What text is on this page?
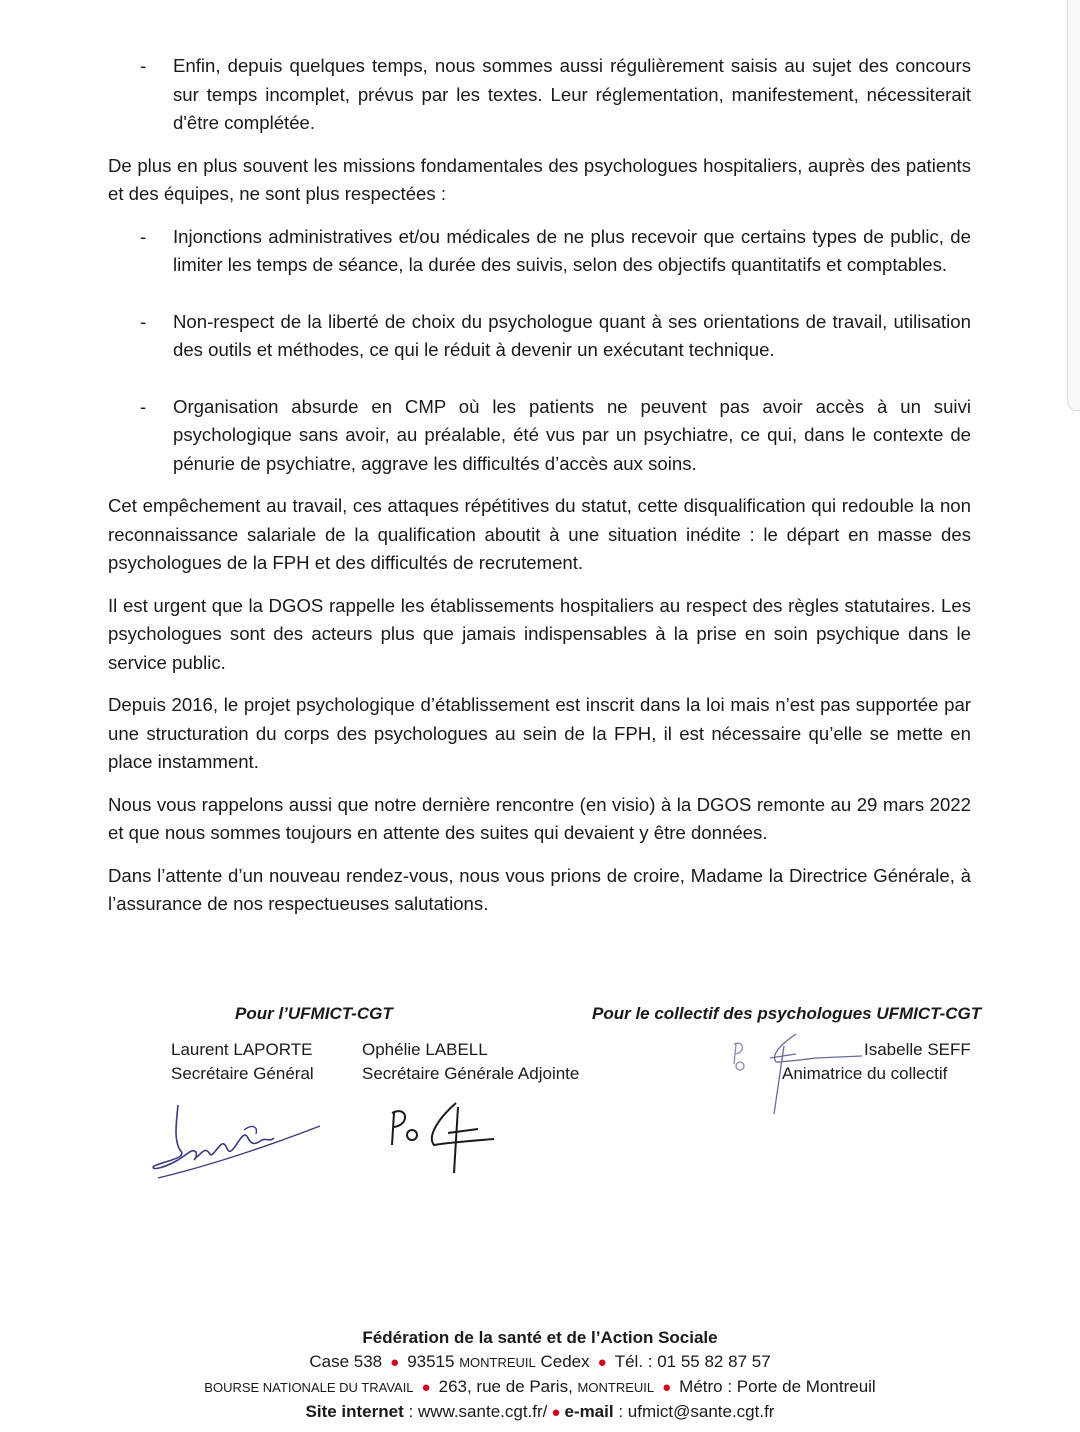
- Enfin, depuis quelques temps, nous sommes aussi régulièrement saisis au sujet des concours sur temps incomplet, prévus par les textes. Leur réglementation, manifestement, nécessiterait d'être complétée.

De plus en plus souvent les missions fondamentales des psychologues hospitaliers, auprès des patients et des équipes, ne sont plus respectées :

- Injonctions administratives et/ou médicales de ne plus recevoir que certains types de public, de limiter les temps de séance, la durée des suivis, selon des objectifs quantitatifs et comptables.
- Non-respect de la liberté de choix du psychologue quant à ses orientations de travail, utilisation des outils et méthodes, ce qui le réduit à devenir un exécutant technique.
- Organisation absurde en CMP où les patients ne peuvent pas avoir accès à un suivi psychologique sans avoir, au préalable, été vus par un psychiatre, ce qui, dans le contexte de pénurie de psychiatre, aggrave les difficultés d’accès aux soins.

Cet empêchement au travail, ces attaques répétitives du statut, cette disqualification qui redouble la non reconnaissance salariale de la qualification aboutit à une situation inédite : le départ en masse des psychologues de la FPH et des difficultés de recrutement.

Il est urgent que la DGOS rappelle les établissements hospitaliers au respect des règles statutaires. Les psychologues sont des acteurs plus que jamais indispensables à la prise en soin psychique dans le service public.

Depuis 2016, le projet psychologique d’établissement est inscrit dans la loi mais n’est pas supportée par une structuration du corps des psychologues au sein de la FPH, il est nécessaire qu’elle se mette en place instamment.

Nous vous rappelons aussi que notre dernière rencontre (en visio) à la DGOS remonte au 29 mars 2022 et que nous sommes toujours en attente des suites qui devaient y être données.

Dans l’attente d’un nouveau rendez-vous, nous vous prions de croire, Madame la Directrice Générale, à l’assurance de nos respectueuses salutations.

Pour l’UFMICT-CGT	Pour le collectif des psychologues UFMICT-CGT
Laurent LAPORTE
Secrétaire Général
Ophélie LABELL
Secrétaire Générale Adjointe
Isabelle SEFF
Animatrice du collectif
Fédération de la santé et de l’Action Sociale
Case 538 ● 93515 MONTREUIL Cedex ● Tél. : 01 55 82 87 57
BOURSE NATIONALE DU TRAVAIL ● 263, rue de Paris, MONTREUIL ● Métro : Porte de Montreuil
Site internet : www.sante.cgt.fr/ ● e-mail : ufmict@sante.cgt.fr
